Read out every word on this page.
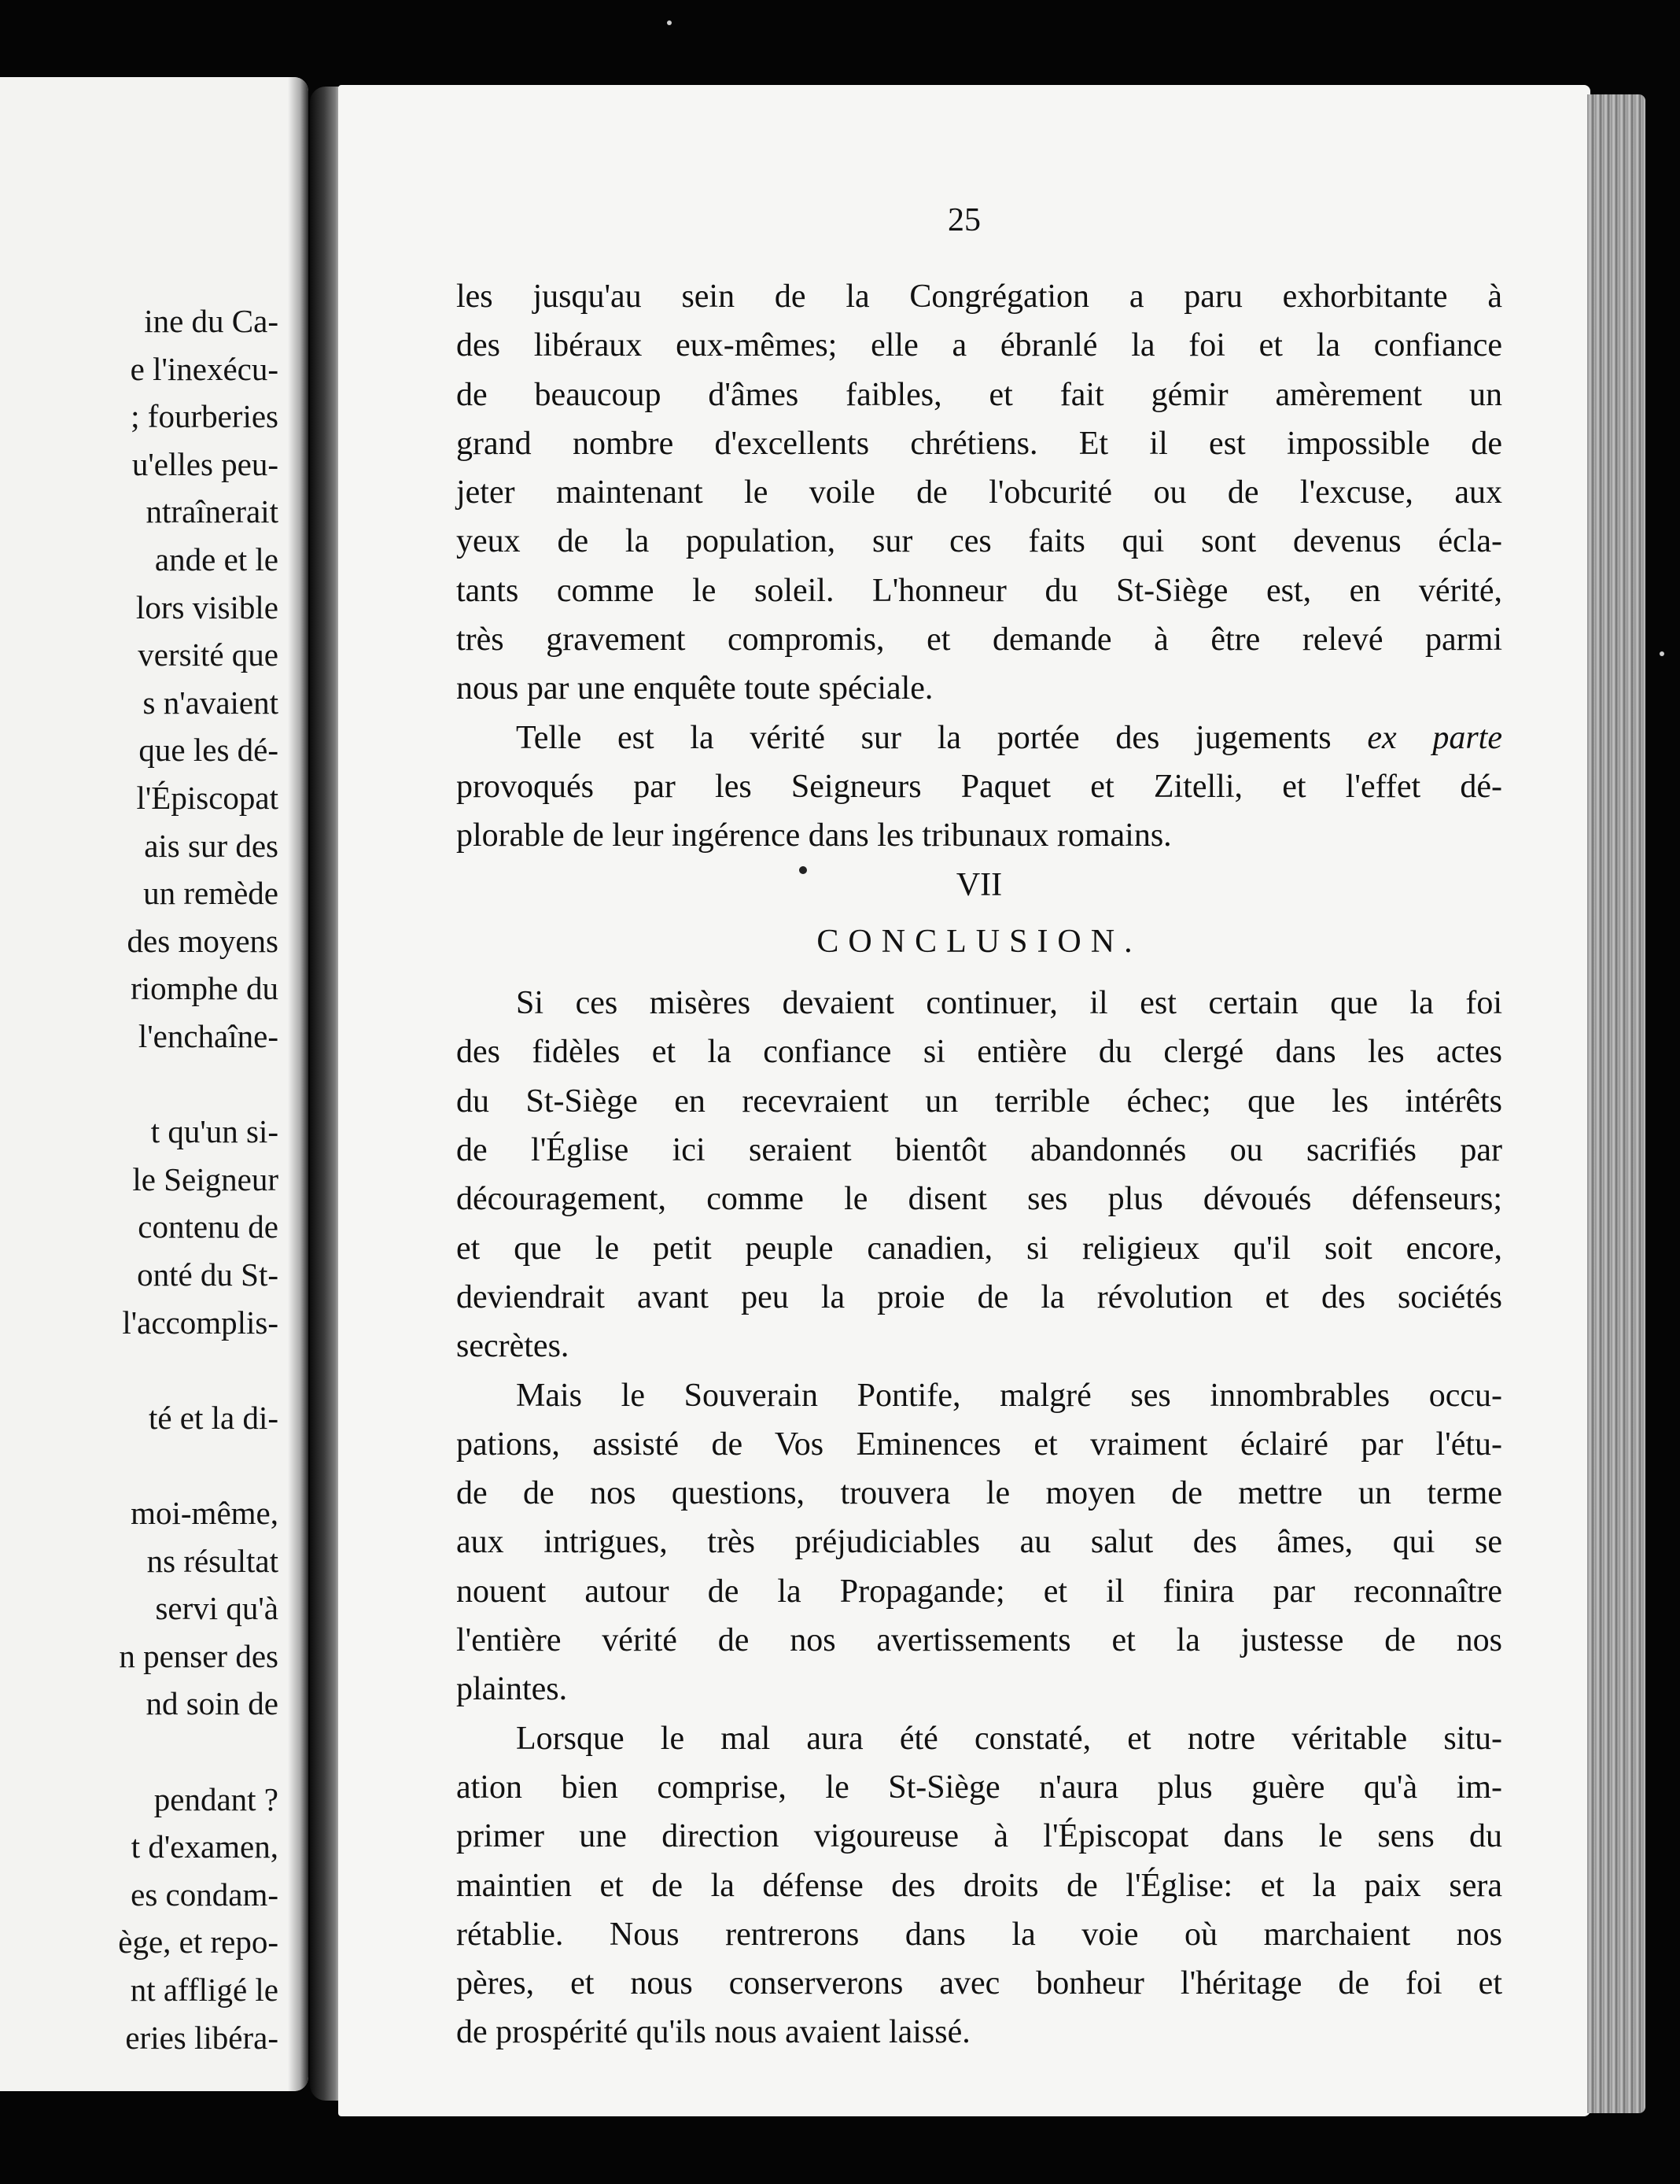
ine du Ca-
e l'inexécu-
; fourberies
u'elles peu-
ntraînerait
ande et le
lors visible
versité que
s n'avaient
que les dé-
l'Épiscopat
ais sur des
un remède
des moyens
riomphe du
l'enchaîne-
t qu'un si-
le Seigneur
contenu de
onté du St-
l'accomplis-
té et la di-
moi-même,
ns résultat
servi qu'à
n penser des
nd soin de
pendant ?
t d'examen,
es condam-
ège, et repo-
nt affligé le
eries libéra-
25
les jusqu'au sein de la Congrégation a paru exhorbitante à
des libéraux eux-mêmes; elle a ébranlé la foi et la confiance
de beaucoup d'âmes faibles, et fait gémir amèrement un
grand nombre d'excellents chrétiens. Et il est impossible de
jeter maintenant le voile de l'obcurité ou de l'excuse, aux
yeux de la population, sur ces faits qui sont devenus écla-
tants comme le soleil. L'honneur du St-Siège est, en vérité,
très gravement compromis, et demande à être relevé parmi
nous par une enquête toute spéciale.
Telle est la vérité sur la portée des jugements ex parte
provoqués par les Seigneurs Paquet et Zitelli, et l'effet dé-
plorable de leur ingérence dans les tribunaux romains.
VII
CONCLUSION.
Si ces misères devaient continuer, il est certain que la foi
des fidèles et la confiance si entière du clergé dans les actes
du St-Siège en recevraient un terrible échec; que les intérêts
de l'Église ici seraient bientôt abandonnés ou sacrifiés par
découragement, comme le disent ses plus dévoués défenseurs;
et que le petit peuple canadien, si religieux qu'il soit encore,
deviendrait avant peu la proie de la révolution et des sociétés
secrètes.
Mais le Souverain Pontife, malgré ses innombrables occu-
pations, assisté de Vos Eminences et vraiment éclairé par l'étu-
de de nos questions, trouvera le moyen de mettre un terme
aux intrigues, très préjudiciables au salut des âmes, qui se
nouent autour de la Propagande; et il finira par reconnaître
l'entière vérité de nos avertissements et la justesse de nos
plaintes.
Lorsque le mal aura été constaté, et notre véritable situ-
ation bien comprise, le St-Siège n'aura plus guère qu'à im-
primer une direction vigoureuse à l'Épiscopat dans le sens du
maintien et de la défense des droits de l'Église: et la paix sera
rétablie. Nous rentrerons dans la voie où marchaient nos
pères, et nous conserverons avec bonheur l'héritage de foi et
de prospérité qu'ils nous avaient laissé.
